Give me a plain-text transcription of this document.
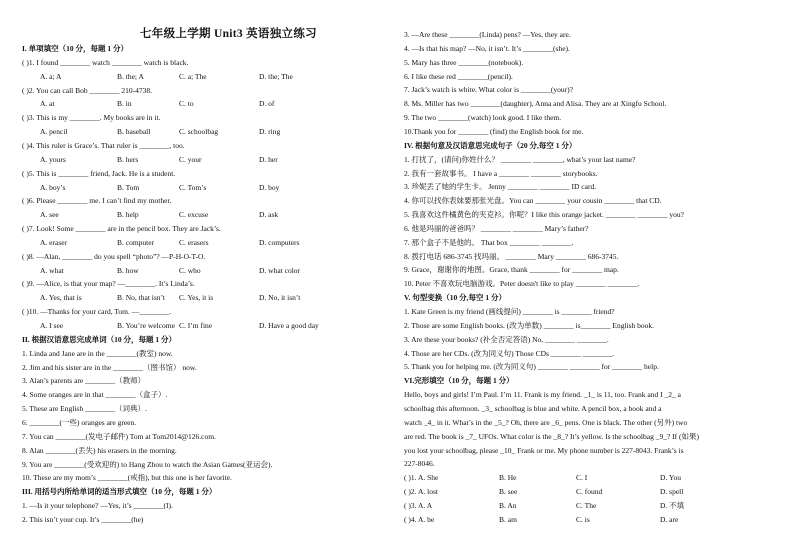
七年级上学期 Unit3 英语独立练习
I. 单项填空（10 分，每题 1 分）
( )1. I found ________ watch ________ watch is black.
A. a; A	B. the; A	C. a; The	D. the; The
( )2. You can call Bob ________ 210-4738.
A. at	B. in	C. to	D. of
( )3. This is my ________. My books are in it.
A. pencil	B. baseball	C. schoolbag	D. ring
( )4. This ruler is Grace’s. That ruler is ________, too.
A. yours	B. hers	C. your	D. her
( )5. This is ________ friend, Jack. He is a student.
A. boy’s	B. Tom	C. Tom’s	D. boy
( )6. Please ________ me. I can’t find my mother.
A. see	B. help	C. excuse	D. ask
( )7. Look! Some ________ are in the pencil box. They are Jack’s.
A. eraser	B. computer	C. erasers	D. computers
( )8. —Alan, ________ do you spell “photo”? —P-H-O-T-O.
A. what	B. how	C. who	D. what color
( )9. —Alice, is that your map? —________. It’s Linda’s.
A. Yes, that is	B. No, that isn’t C. Yes, it is	D. No, it isn’t
( )10. —Thanks for your card, Tom. —________.
A. I see	B. You’re welcome C. I’m fine	D. Have a good day
II. 根据汉语意思完成单词（10 分，每题 1 分）
1. Linda and Jane are in the ________(教室) now.
2. Jim and his sister are in the ________（图书馆） now.
3. Alan’s parents are ________（教师）
4. Some oranges are in that ________（盒子）.
5. These are English ________（词典）.
6. ________(一些) oranges are green.
7. You can ________(发电子邮件) Tom at Tom2014@126.com.
8. Alan ________(丢失) his erasers in the morning.
9. You are ________(受欢迎的) to Hang Zhou to watch the Asian Games(亚运会).
10. These are my mom’s ________(戒指), but this one is her favorite.
III. 用括号内所给单词的适当形式填空（10 分，每题 1 分）
1. —Is it your telephone? —Yes, it’s ________(I).
2. This isn’t your cup. It’s ________(he)
3. —Are these ________(Linda) pens? —Yes, they are.
4. —Is that his map? —No, it isn’t. It’s ________(she).
5. Mary has three ________(notebook).
6. I like these red ________(pencil).
7. Jack’s watch is white. What color is ________(your)?
8. Ms. Miller has two ________(daughter), Anna and Alisa. They are at Xingfu School.
9. The two ________(watch) look good. I like them.
10.Thank you for ________ (find) the English book for me.
IV. 根据句意及汉语意思完成句子（20 分,每空 1 分）
1. 打扰了，(请问)你姓什么？ ________ ________, what’s your last name?
2. 我有一套故事书。 I have a ________ ________ storybooks.
3. 珍妮丢了她的学生卡。 Jenny ________ ________ ID card.
4. 你可以找你表妹要那张光盘。You can ________ your cousin ________ that CD.
5. 我喜欢这件橘黄色的夹克衫。你呢？I like this orange jacket. ________ ________ you?
6. 他是玛丽的爸爸吗？ ________ ________ Mary’s father?
7. 那个盒子不是他的。 That box ________ ________.
8. 拨打电话 686-3745 找玛丽。 ________ Mary ________ 686-3745.
9. Grace，谢谢你的地图。Grace, thank ________ for ________ map.
10. Peter 不喜欢玩电脑游戏。Peter doesn't like to play ________ ________.
V. 句型变换（10 分,每空 1 分）
1. Kate Green is my friend (画线提问) ________ is ________ friend?
2. Those are some English books. (改为单数) ________ is________ English book.
3. Are these your books? (补全否定答语) No, ________ ________.
4. Those are her CDs. (改为同义句) Those CDs ________ ________.
5. Thank you for helping me. (改为同义句) ________ ________ for ________ help.
VI.完形填空（10 分，每题 1 分）
Hello, boys and girls! I’m Paul. I’m 11. Frank is my friend. _1_ is 11, too. Frank and I _2_ a
schoolbag this afternoon. _3_ schoolbag is blue and white. A pencil box, a book and a
watch _4_ in it. What’s in the _5_? Oh, there are _6_ pens. One is black. The other (另外) two
are red. The book is _7_ UFOs. What color is the _8_? It’s yellow. Is the schoolbag _9_? If (如果)
you lost your schoolbag, please _10_ Frank or me. My phone number is 227-8043. Frank’s is
227-8046.
( )1. A. She	B. He	C. I	D. You
( )2. A. lost	B. see	C. found	D. spell
( )3. A. A	B. An	C. The	D. 不填
( )4. A. be	B. am	C. is	D. are
